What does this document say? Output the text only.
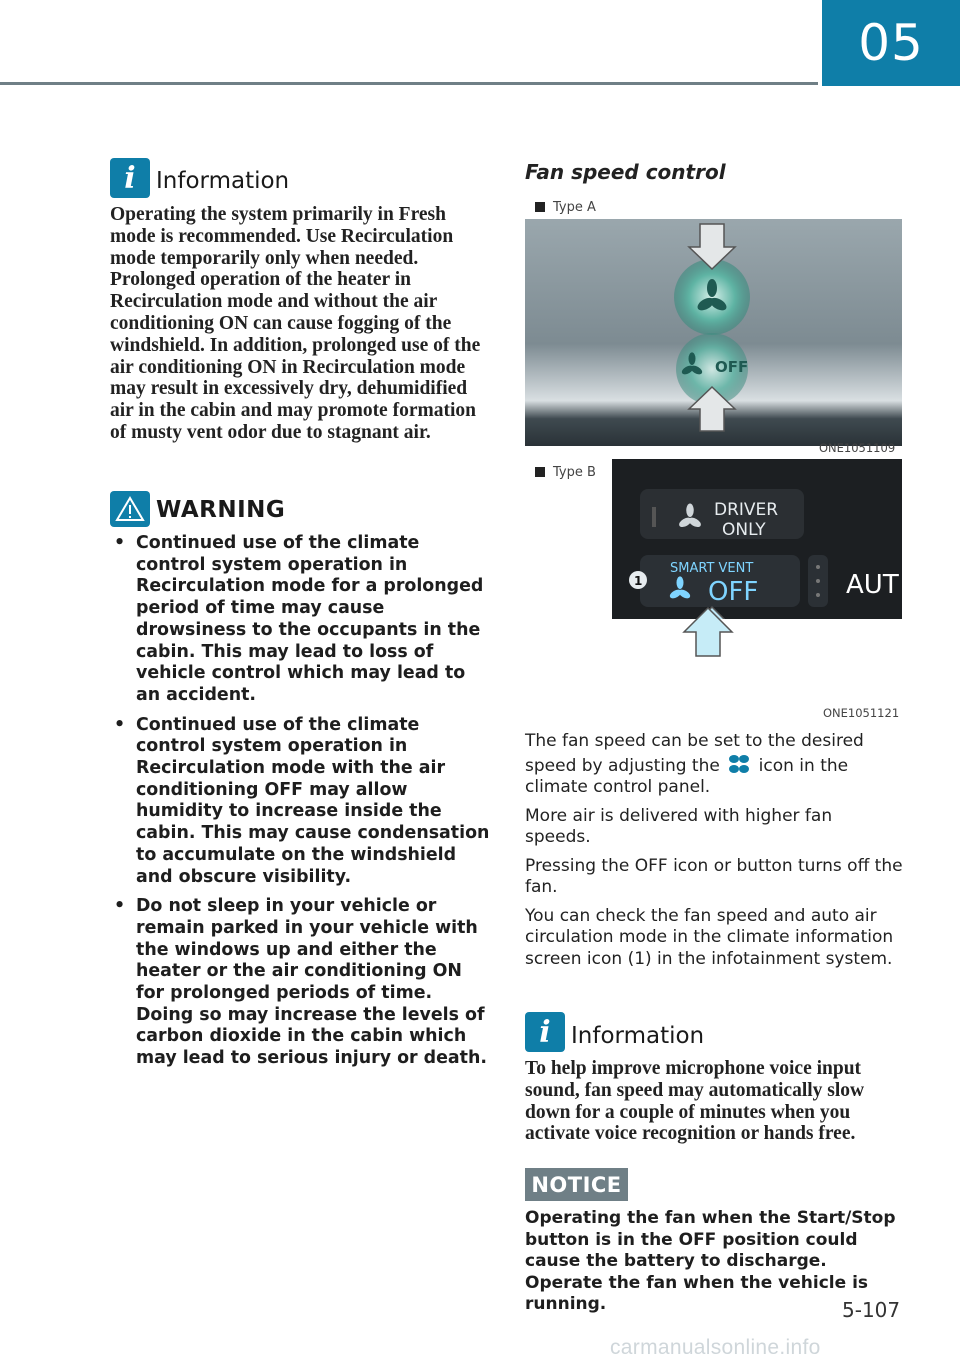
05
i Information
Operating the system primarily in Fresh mode is recommended. Use Recirculation mode temporarily only when needed. Prolonged operation of the heater in Recirculation mode and without the air conditioning ON can cause fogging of the windshield. In addition, prolonged use of the air conditioning ON in Recirculation mode may result in excessively dry, dehumidified air in the cabin and may promote formation of musty vent odor due to stagnant air.
WARNING
• Continued use of the climate control system operation in Recirculation mode for a prolonged period of time may cause drowsiness to the occupants in the cabin. This may lead to loss of vehicle control which may lead to an accident.
• Continued use of the climate control system operation in Recirculation mode with the air conditioning OFF may allow humidity to increase inside the cabin. This may cause condensation to accumulate on the windshield and obscure visibility.
• Do not sleep in your vehicle or remain parked in your vehicle with the windows up and either the heater or the air conditioning ON for prolonged periods of time. Doing so may increase the levels of carbon dioxide in the cabin which may lead to serious injury or death.
Fan speed control
Type A
OFF
ONE1051109
Type B
DRIVER
ONLY
SMART VENT
OFF	AUT
1
ONE1051121

The fan speed can be set to the desired speed by adjusting the icon in the climate control panel.

More air is delivered with higher fan speeds.

Pressing the OFF icon or button turns off the fan.

You can check the fan speed and auto air circulation mode in the climate information screen icon (1) in the infotainment system.

i Information
To help improve microphone voice input sound, fan speed may automatically slow down for a couple of minutes when you activate voice recognition or hands free.
NOTICE
Operating the fan when the Start/Stop button is in the OFF position could cause the battery to discharge. Operate the fan when the vehicle is running.	5-107
carmanualsonline.info
